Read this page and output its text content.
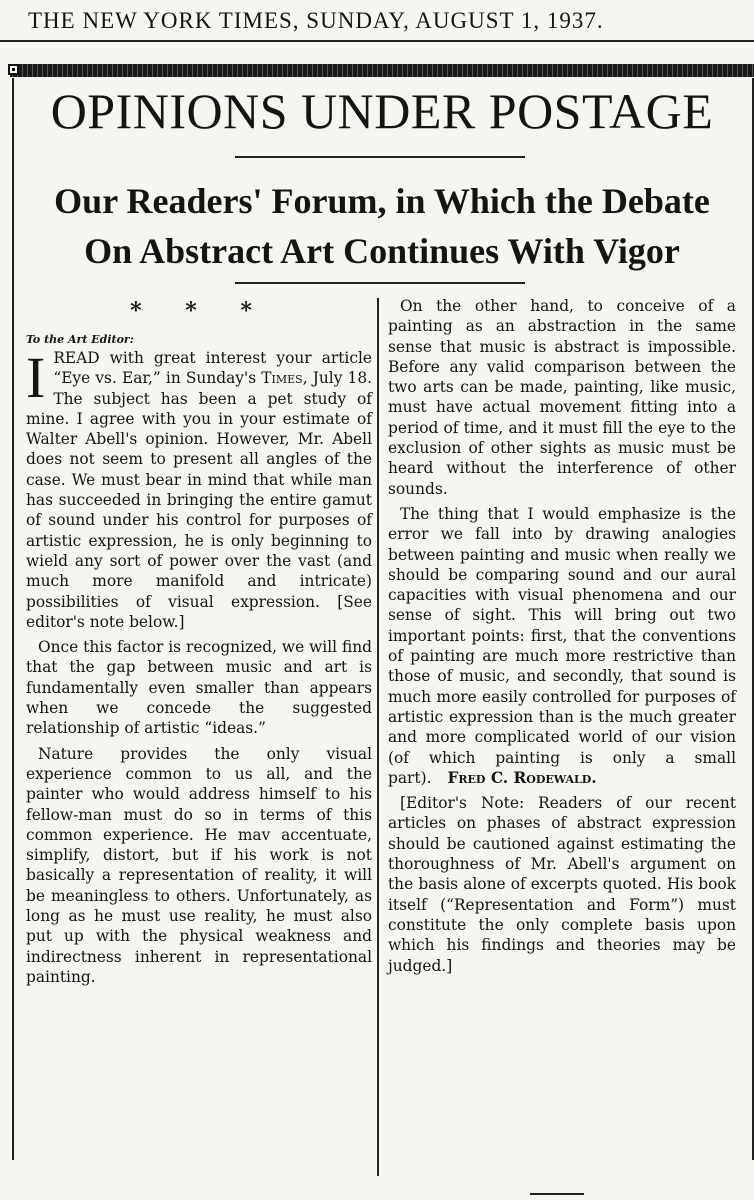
THE NEW YORK TIMES, SUNDAY, AUGUST 1, 1937.
OPINIONS UNDER POSTAGE
Our Readers' Forum, in Which the Debate
On Abstract Art Continues With Vigor
* * *
To the Art Editor:

IREAD with great interest your article “Eye vs. Ear,” in Sunday's Times, July 18. The subject has been a pet study of mine. I agree with you in your estimate of Walter Abell's opinion. However, Mr. Abell does not seem to present all angles of the case. We must bear in mind that while man has succeeded in bringing the entire gamut of sound under his control for purposes of artistic expression, he is only beginning to wield any sort of power over the vast (and much more manifold and intricate) possibilities of visual expression. [See editor's note below.]

Once this factor is recognized, we will find that the gap between music and art is fundamentally even smaller than appears when we concede the suggested relationship of artistic “ideas.”

Nature provides the only visual experience common to us all, and the painter who would address himself to his fellow-man must do so in terms of this common experience. He mav accentuate, simplify, distort, but if his work is not basically a representation of reality, it will be meaningless to others. Unfortunately, as long as he must use reality, he must also put up with the physical weakness and indirectness inherent in representational painting.

On the other hand, to conceive of a painting as an abstraction in the same sense that music is abstract is impossible. Before any valid comparison between the two arts can be made, painting, like music, must have actual movement fitting into a period of time, and it must fill the eye to the exclusion of other sights as music must be heard without the interference of other sounds.

The thing that I would emphasize is the error we fall into by drawing analogies between painting and music when really we should be comparing sound and our aural capacities with visual phenomena and our sense of sight. This will bring out two important points: first, that the conventions of painting are much more restrictive than those of music, and secondly, that sound is much more easily controlled for purposes of artistic expression than is the much greater and more complicated world of our vision (of which painting is only a small part). Fred C. Rodewald.

[Editor's Note: Readers of our recent articles on phases of abstract expression should be cautioned against estimating the thoroughness of Mr. Abell's argument on the basis alone of excerpts quoted. His book itself (“Representation and Form”) must constitute the only complete basis upon which his findings and theories may be judged.]
